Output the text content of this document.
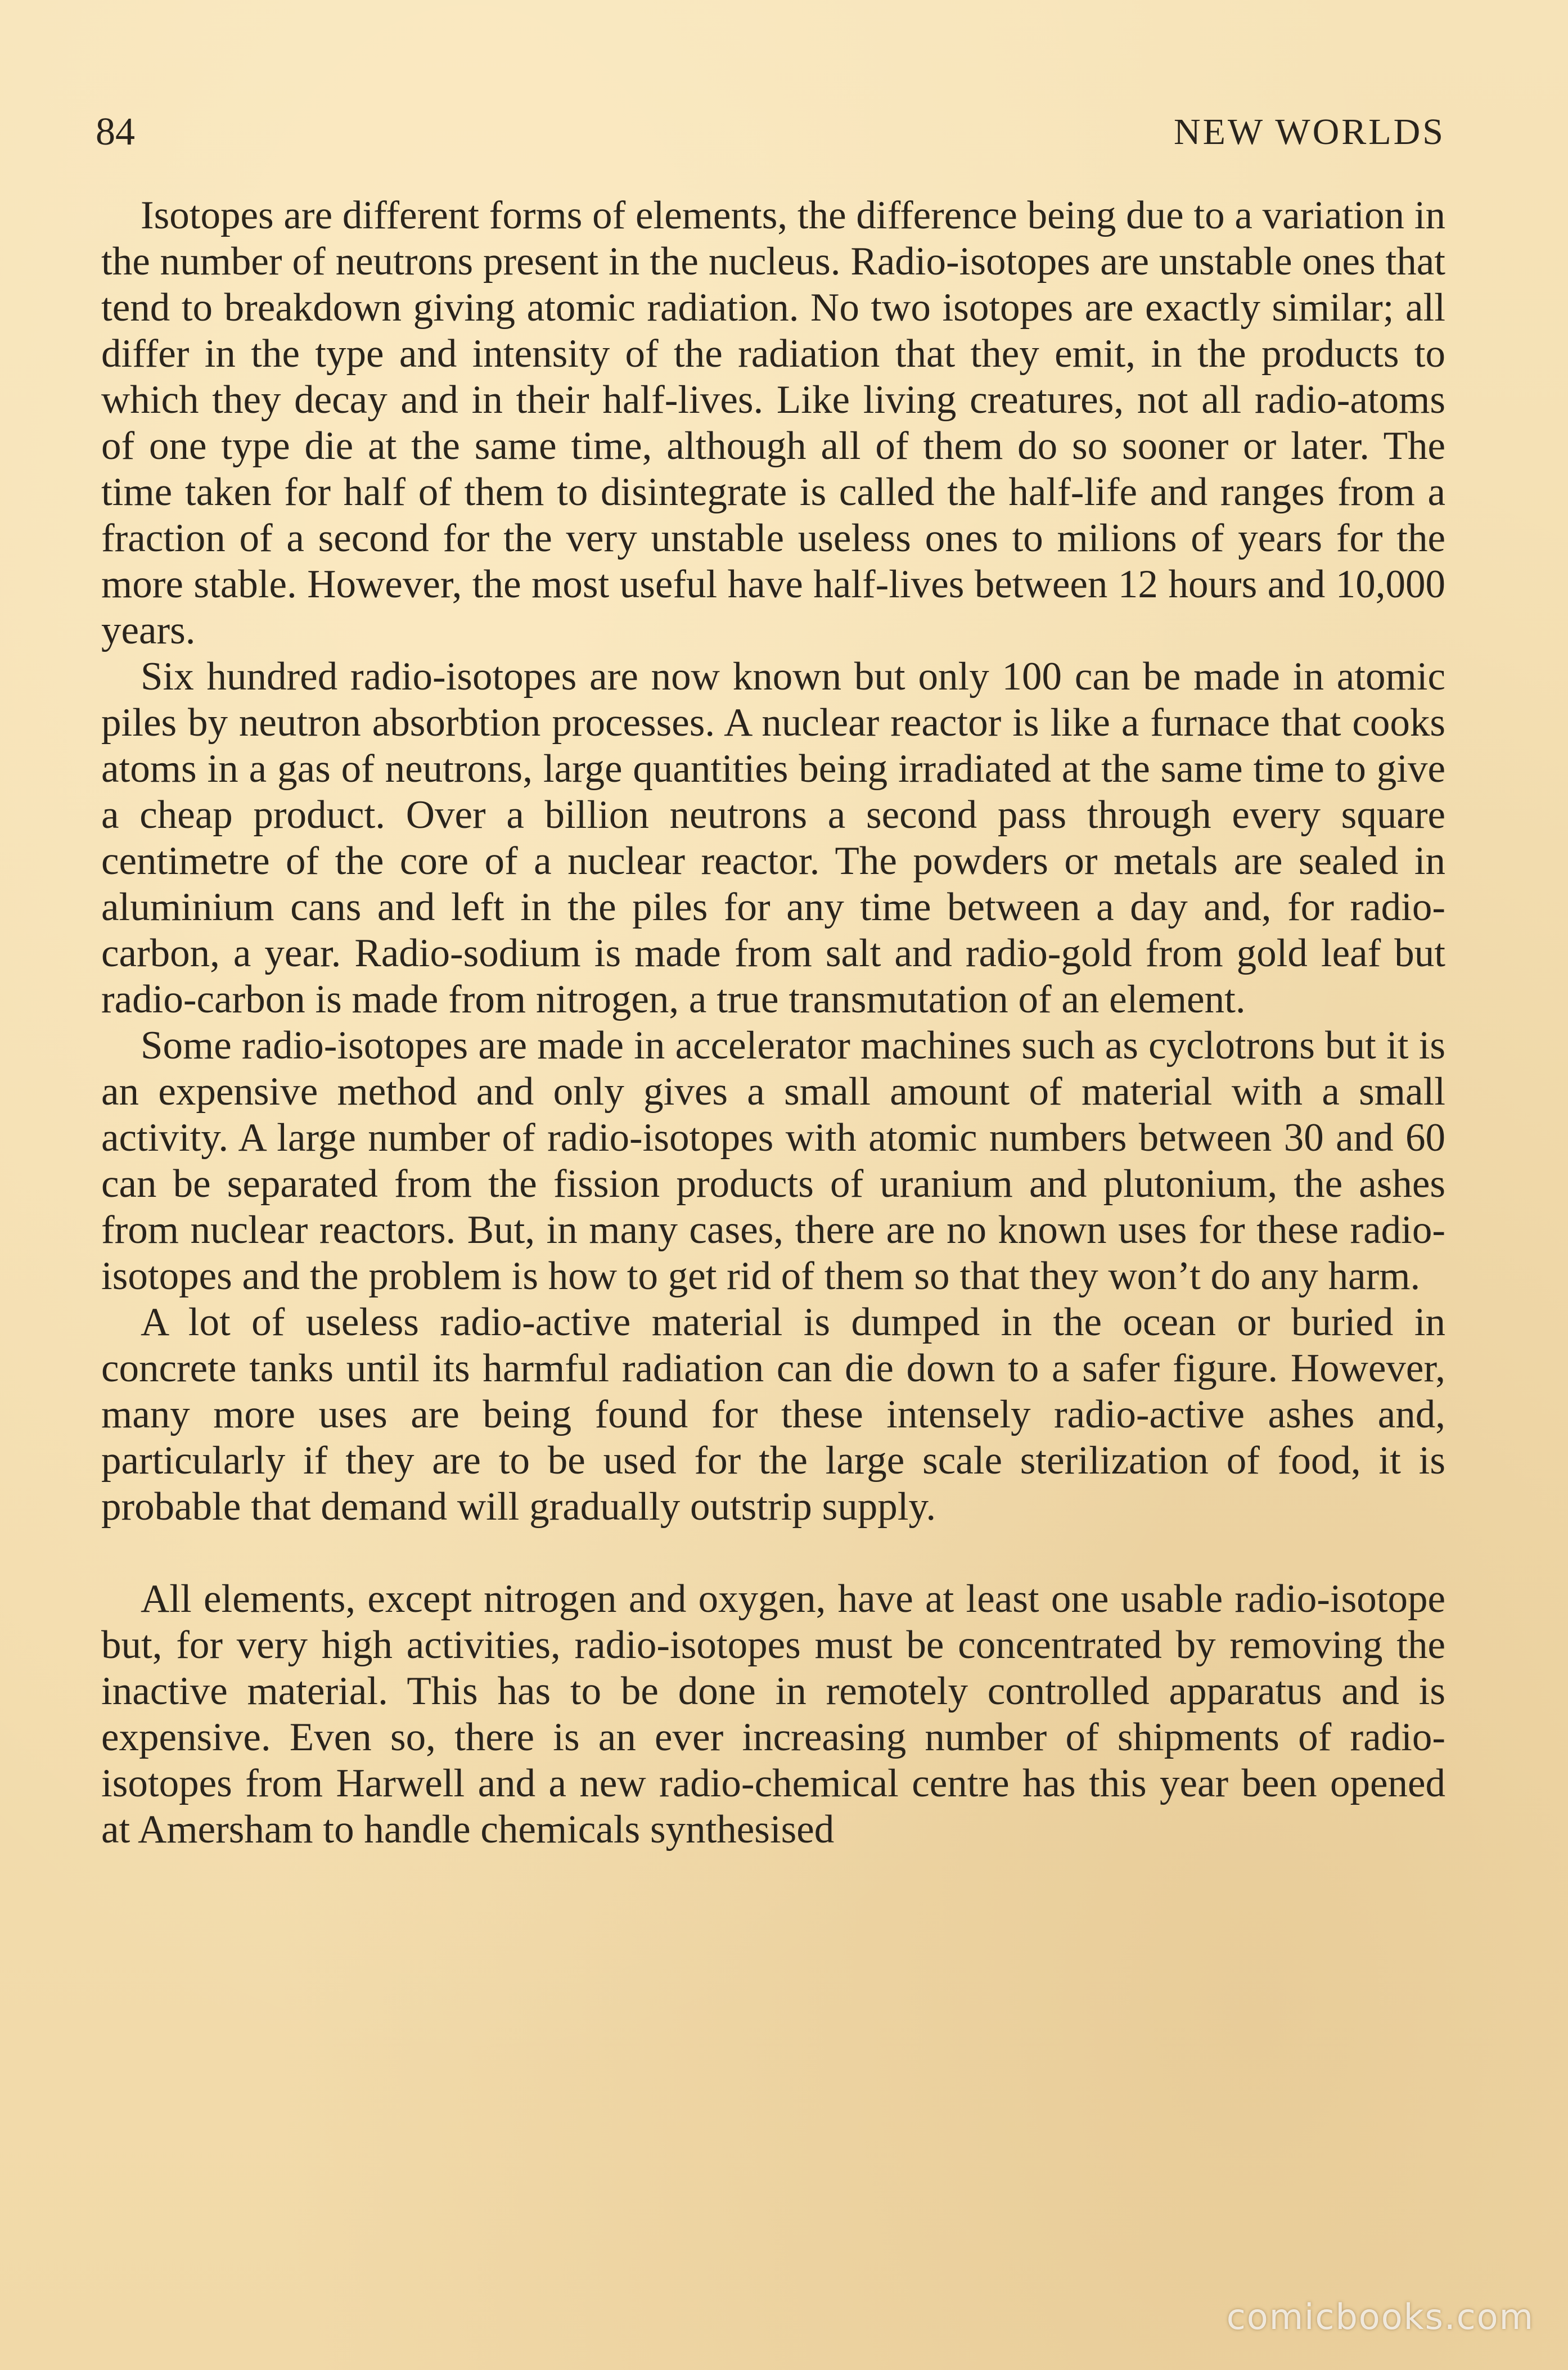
84	NEW WORLDS

Isotopes are different forms of elements, the difference being due to a variation in the number of neutrons present in the nucleus. Radio-isotopes are unstable ones that tend to breakdown giving atomic radiation. No two isotopes are exactly similar; all differ in the type and intensity of the radiation that they emit, in the products to which they decay and in their half-lives. Like living creatures, not all radio-atoms of one type die at the same time, although all of them do so sooner or later. The time taken for half of them to disintegrate is called the half-life and ranges from a fraction of a second for the very unstable useless ones to milions of years for the more stable. However, the most useful have half-lives between 12 hours and 10,000 years.

Six hundred radio-isotopes are now known but only 100 can be made in atomic piles by neutron absorbtion processes. A nuclear reactor is like a furnace that cooks atoms in a gas of neutrons, large quantities being irradiated at the same time to give a cheap product. Over a billion neutrons a second pass through every square centimetre of the core of a nuclear reactor. The powders or metals are sealed in aluminium cans and left in the piles for any time between a day and, for radio-carbon, a year. Radio-sodium is made from salt and radio-gold from gold leaf but radio-carbon is made from nitrogen, a true transmutation of an element.

Some radio-isotopes are made in accelerator machines such as cyclotrons but it is an expensive method and only gives a small amount of material with a small activity. A large number of radio-isotopes with atomic numbers between 30 and 60 can be separated from the fission products of uranium and plutonium, the ashes from nuclear reactors. But, in many cases, there are no known uses for these radio-isotopes and the problem is how to get rid of them so that they won’t do any harm.

A lot of useless radio-active material is dumped in the ocean or buried in concrete tanks until its harmful radiation can die down to a safer figure. However, many more uses are being found for these intensely radio-active ashes and, particularly if they are to be used for the large scale sterilization of food, it is probable that demand will gradually outstrip supply.

All elements, except nitrogen and oxygen, have at least one usable radio-isotope but, for very high activities, radio-isotopes must be concentrated by removing the inactive material. This has to be done in remotely controlled apparatus and is expensive. Even so, there is an ever increasing number of shipments of radio-isotopes from Harwell and a new radio-chemical centre has this year been opened at Amersham to handle chemicals synthesised

comicbooks.com
